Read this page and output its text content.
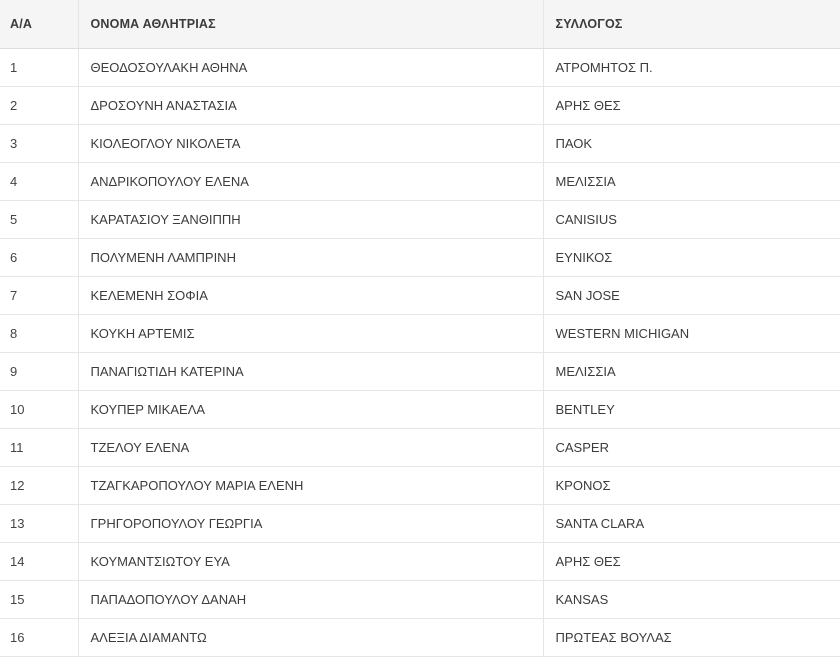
Α/Α	ΟΝΟΜΑ ΑΘΛΗΤΡΙΑΣ	ΣΥΛΛΟΓΟΣ
1	ΘΕΟΔΟΣΟΥΛΑΚΗ ΑΘΗΝΑ	ΑΤΡΟΜΗΤΟΣ Π.
2	ΔΡΟΣΟΥΝΗ ΑΝΑΣΤΑΣΙΑ	ΑΡΗΣ ΘΕΣ
3	ΚΙΟΛΕΟΓΛΟΥ ΝΙΚΟΛΕΤΑ	ΠΑΟΚ
4	ΑΝΔΡΙΚΟΠΟΥΛΟΥ ΕΛΕΝΑ	ΜΕΛΙΣΣΙΑ
5	ΚΑΡΑΤΑΣΙΟΥ ΞΑΝΘΙΠΠΗ	CANISIUS
6	ΠΟΛΥΜΕΝΗ ΛΑΜΠΡΙΝΗ	ΕΥΝΙΚΟΣ
7	ΚΕΛΕΜΕΝΗ ΣΟΦΙΑ	SAN JOSE
8	ΚΟΥΚΗ ΑΡΤΕΜΙΣ	WESTERN MICHIGAN
9	ΠΑΝΑΓΙΩΤΙΔΗ ΚΑΤΕΡΙΝΑ	ΜΕΛΙΣΣΙΑ
10	ΚΟΥΠΕΡ ΜΙΚΑΕΛΑ	BENTLEY
11	ΤΖΕΛΟΥ ΕΛΕΝΑ	CASPER
12	ΤΖΑΓΚΑΡΟΠΟΥΛΟΥ ΜΑΡΙΑ ΕΛΕΝΗ	ΚΡΟΝΟΣ
13	ΓΡΗΓΟΡΟΠΟΥΛΟΥ ΓΕΩΡΓΙΑ	SANTA CLARA
14	ΚΟΥΜΑΝΤΣΙΩΤΟΥ ΕΥΑ	ΑΡΗΣ ΘΕΣ
15	ΠΑΠΑΔΟΠΟΥΛΟΥ ΔΑΝΑΗ	KANSAS
16	ΑΛΕΞΙΑ ΔΙΑΜΑΝΤΩ	ΠΡΩΤΕΑΣ ΒΟΥΛΑΣ
